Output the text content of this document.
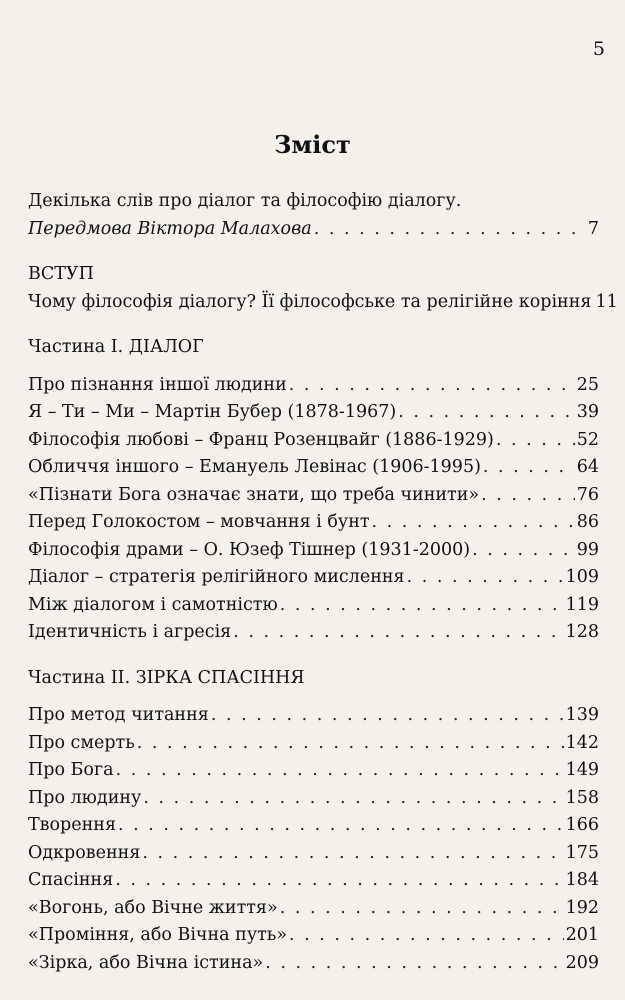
5
Зміст
Декілька слів про діалог та філософію діалогу.
Передмова Віктора Малахова . . .	7
ВСТУП
Чому філософія діалогу? Її філософське та релігійне коріння 11
Частина І. ДІАЛОГ
Про пізнання іншої людини . . .	25
Я – Ти – Ми – Мартін Бубер (1878-1967) . . .	39
Філософія любові – Франц Розенцвайг (1886-1929) . . .	52
Обличчя іншого – Емануель Левінас (1906-1995) . . .	64
«Пізнати Бога означає знати, що треба чинити» . . .	76
Перед Голокостом – мовчання і бунт . . .	86
Філософія драми – О. Юзеф Тішнер (1931-2000) . . .	99
Діалог – стратегія релігійного мислення . . .	109
Між діалогом і самотністю . . .	119
Ідентичність і агресія . . .	128
Частина ІІ. ЗІРКА СПАСІННЯ
Про метод читання . . .	139
Про смерть . . .	142
Про Бога . . .	149
Про людину . . .	158
Творення . . .	166
Одкровення . . .	175
Спасіння . . .	184
«Вогонь, або Вічне життя» . . .	192
«Проміння, або Вічна путь» . . .	201
«Зірка, або Вічна істина» . . .	209
